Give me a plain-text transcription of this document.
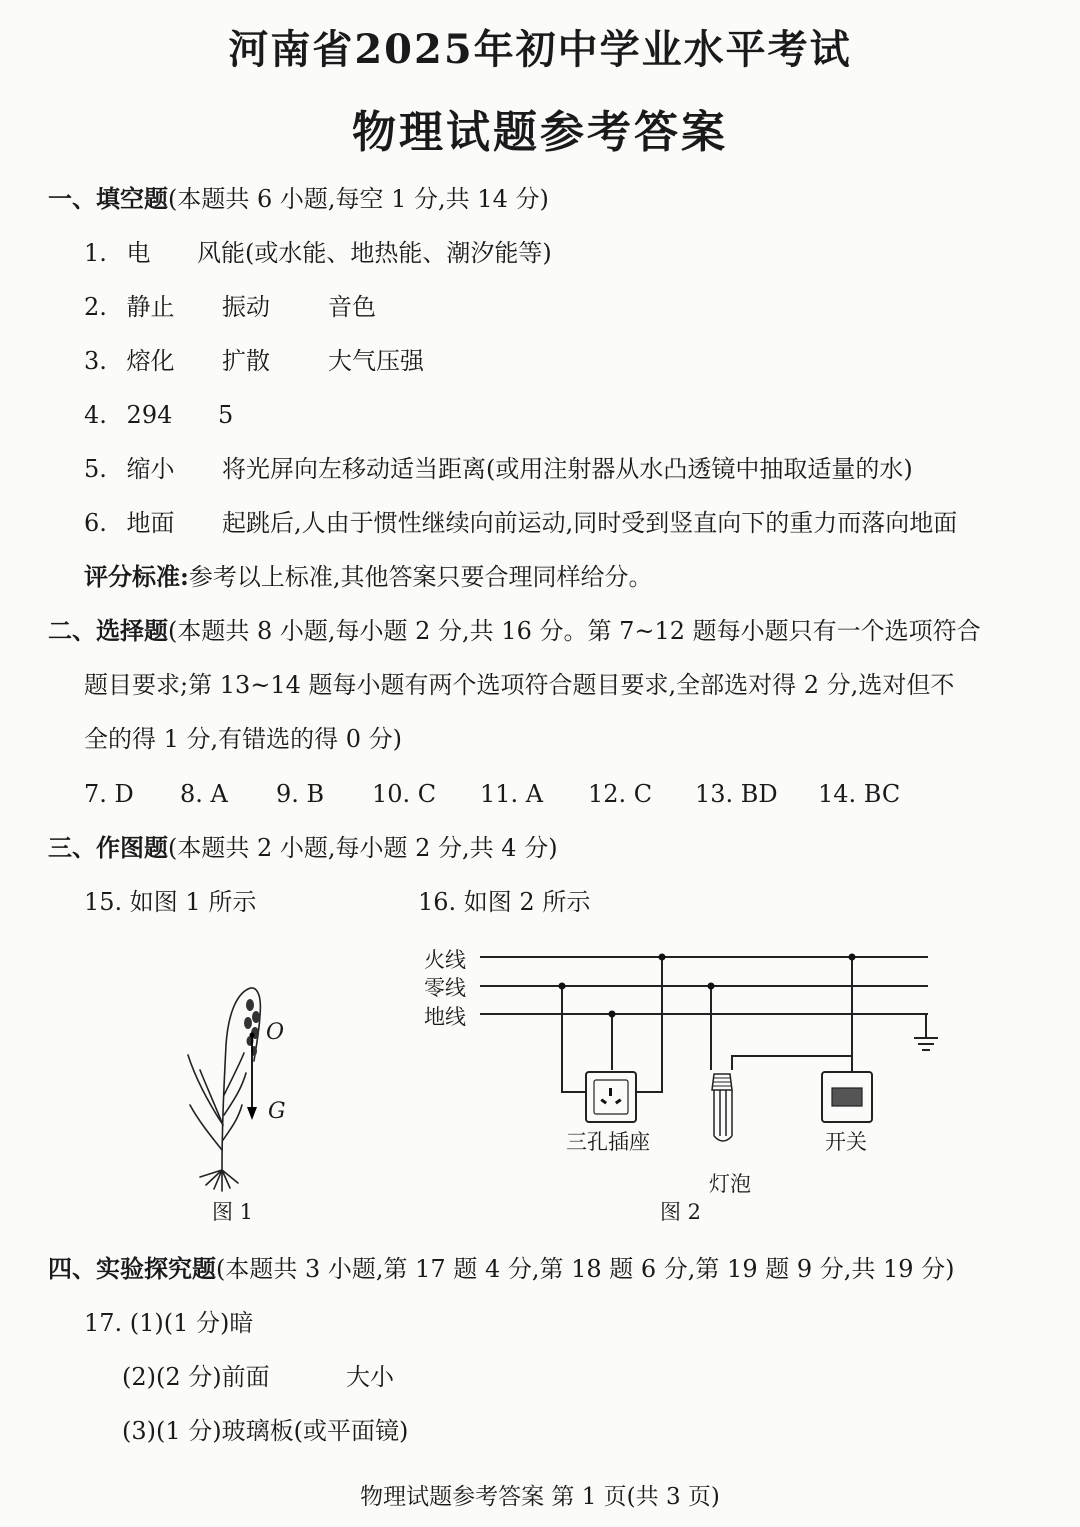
河南省2025年初中学业水平考试
物理试题参考答案
一、填空题(本题共 6 小题,每空 1 分,共 14 分)
1. 电 风能(或水能、地热能、潮汐能等)
2. 静止 振动 音色
3. 熔化 扩散 大气压强
4. 294 5
5. 缩小 将光屏向左移动适当距离(或用注射器从水凸透镜中抽取适量的水)
6. 地面 起跳后,人由于惯性继续向前运动,同时受到竖直向下的重力而落向地面
评分标准:参考以上标准,其他答案只要合理同样给分。
二、选择题(本题共 8 小题,每小题 2 分,共 16 分。第 7~12 题每小题只有一个选项符合
题目要求;第 13~14 题每小题有两个选项符合题目要求,全部选对得 2 分,选对但不
全的得 1 分,有错选的得 0 分)
7. D 8. A 9. B 10. C 11. A 12. C 13. BD 14. BC
三、作图题(本题共 2 小题,每小题 2 分,共 4 分)
15. 如图 1 所示	16. 如图 2 所示
O
G
图 1
火线
零线
地线
三孔插座
灯泡
开关
图 2
四、实验探究题(本题共 3 小题,第 17 题 4 分,第 18 题 6 分,第 19 题 9 分,共 19 分)
17. (1)(1 分)暗
(2)(2 分)前面	大小
(3)(1 分)玻璃板(或平面镜)
物理试题参考答案 第 1 页(共 3 页)
